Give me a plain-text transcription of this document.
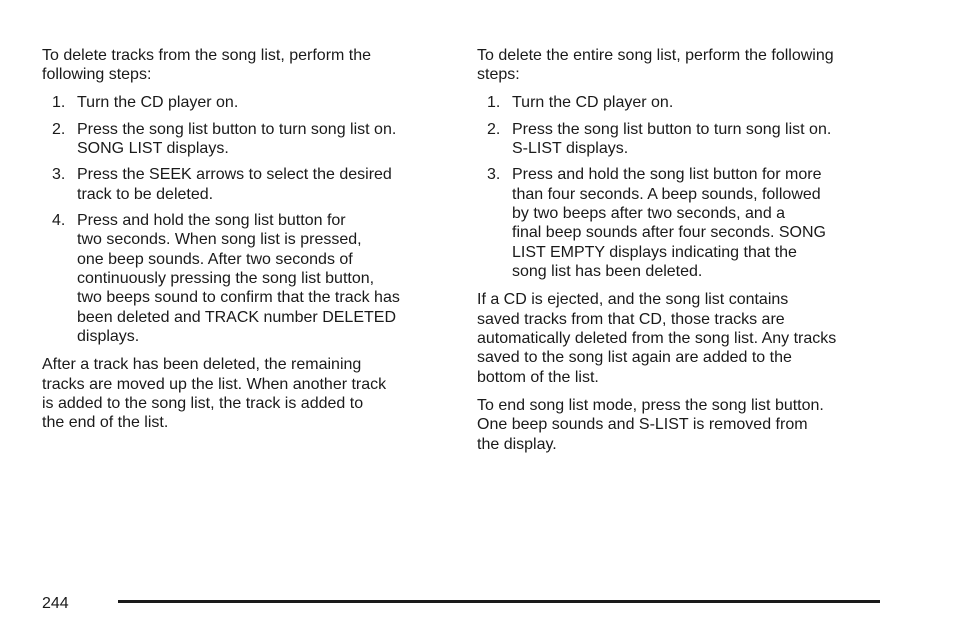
To delete tracks from the song list, perform the
following steps:

1. Turn the CD player on.
2. Press the song list button to turn song list on.
SONG LIST displays.
3. Press the SEEK arrows to select the desired
track to be deleted.
4. Press and hold the song list button for
two seconds. When song list is pressed,
one beep sounds. After two seconds of
continuously pressing the song list button,
two beeps sound to confirm that the track has
been deleted and TRACK number DELETED
displays.

After a track has been deleted, the remaining
tracks are moved up the list. When another track
is added to the song list, the track is added to
the end of the list.

To delete the entire song list, perform the following
steps:

1. Turn the CD player on.
2. Press the song list button to turn song list on.
S-LIST displays.
3. Press and hold the song list button for more
than four seconds. A beep sounds, followed
by two beeps after two seconds, and a
final beep sounds after four seconds. SONG
LIST EMPTY displays indicating that the
song list has been deleted.

If a CD is ejected, and the song list contains
saved tracks from that CD, those tracks are
automatically deleted from the song list. Any tracks
saved to the song list again are added to the
bottom of the list.

To end song list mode, press the song list button.
One beep sounds and S-LIST is removed from
the display.

244
